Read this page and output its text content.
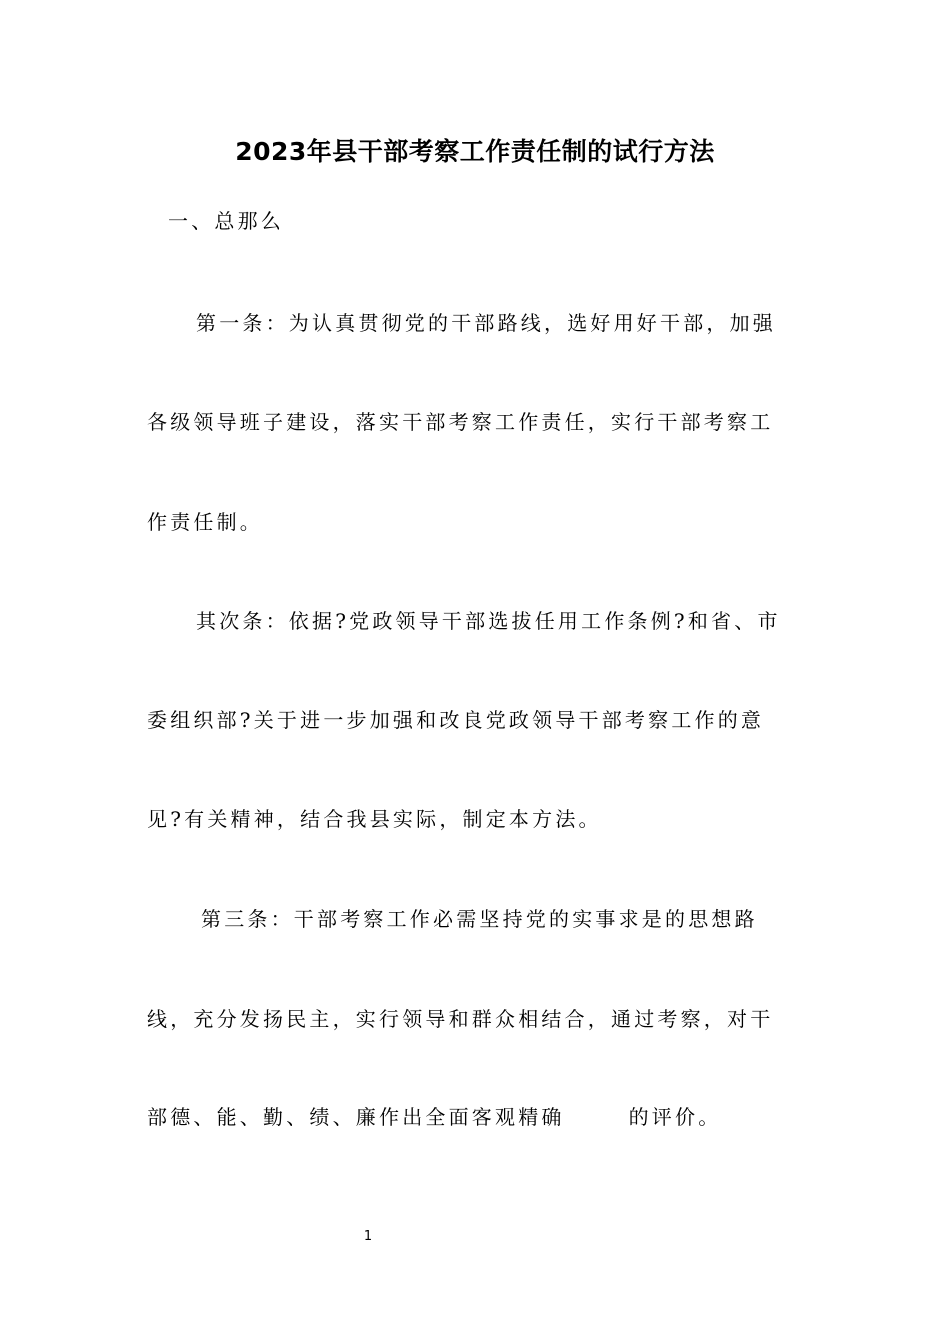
2023年县干部考察工作责任制的试行方法
一、总那么
第一条：为认真贯彻党的干部路线，选好用好干部，加强
各级领导班子建设，落实干部考察工作责任，实行干部考察工
作责任制。
其次条：依据?党政领导干部选拔任用工作条例?和省、市
委组织部?关于进一步加强和改良党政领导干部考察工作的意
见?有关精神，结合我县实际，制定本方法。
第三条：干部考察工作必需坚持党的实事求是的思想路
线，充分发扬民主，实行领导和群众相结合，通过考察，对干
部德、能、勤、绩、廉作出全面客观精确	的评价。
1
